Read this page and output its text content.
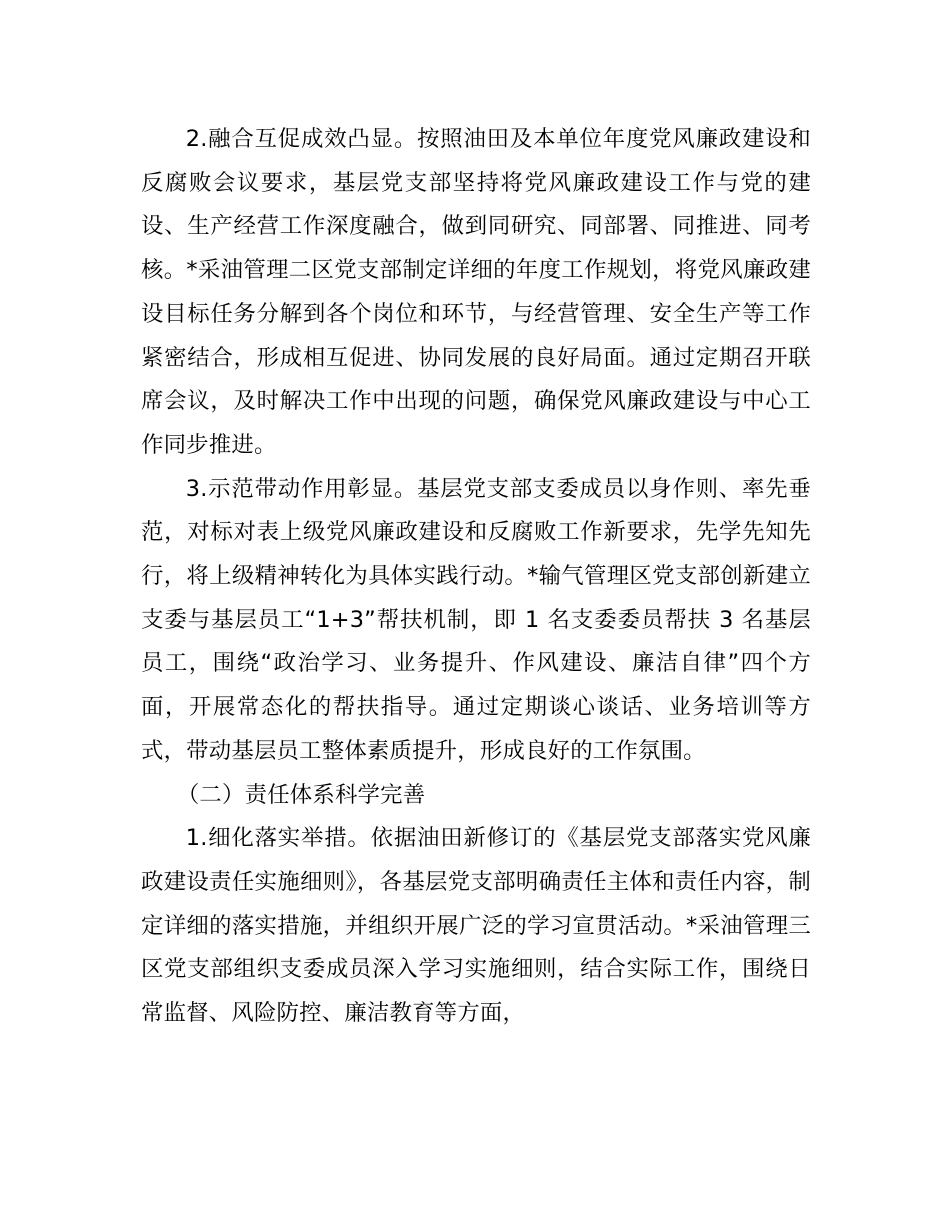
2.融合互促成效凸显。按照油田及本单位年度党风廉政建设和反腐败会议要求，基层党支部坚持将党风廉政建设工作与党的建设、生产经营工作深度融合，做到同研究、同部署、同推进、同考核。*采油管理二区党支部制定详细的年度工作规划，将党风廉政建设目标任务分解到各个岗位和环节，与经营管理、安全生产等工作紧密结合，形成相互促进、协同发展的良好局面。通过定期召开联席会议，及时解决工作中出现的问题，确保党风廉政建设与中心工作同步推进。

3.示范带动作用彰显。基层党支部支委成员以身作则、率先垂范，对标对表上级党风廉政建设和反腐败工作新要求，先学先知先行，将上级精神转化为具体实践行动。*输气管理区党支部创新建立支委与基层员工“1+3”帮扶机制，即 1 名支委委员帮扶 3 名基层员工，围绕“政治学习、业务提升、作风建设、廉洁自律”四个方面，开展常态化的帮扶指导。通过定期谈心谈话、业务培训等方式，带动基层员工整体素质提升，形成良好的工作氛围。

（二）责任体系科学完善

1.细化落实举措。依据油田新修订的《基层党支部落实党风廉政建设责任实施细则》，各基层党支部明确责任主体和责任内容，制定详细的落实措施，并组织开展广泛的学习宣贯活动。*采油管理三区党支部组织支委成员深入学习实施细则，结合实际工作，围绕日常监督、风险防控、廉洁教育等方面，
